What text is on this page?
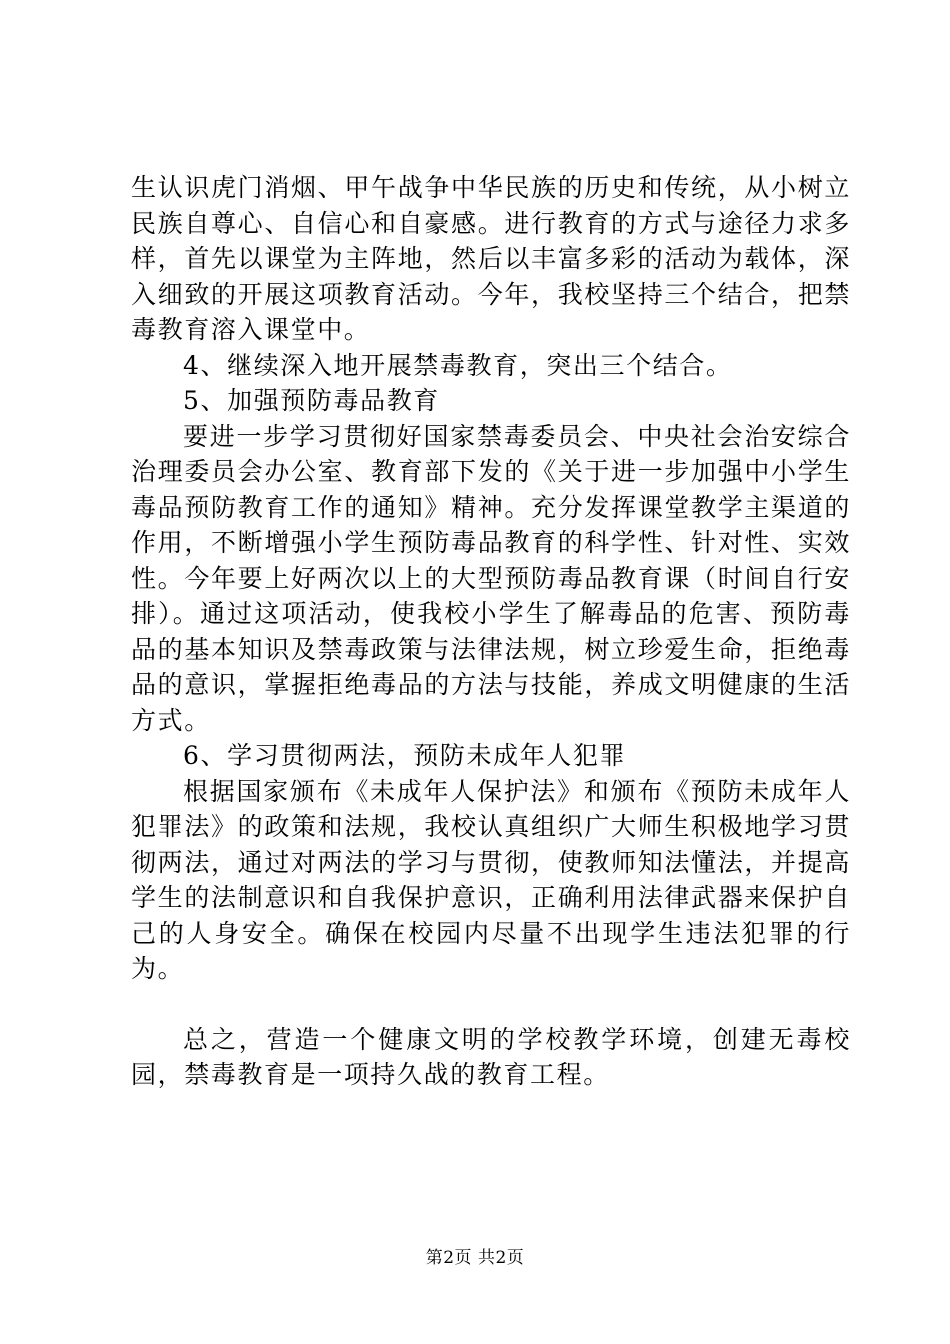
生认识虎门消烟、甲午战争中华民族的历史和传统，从小树立民族自尊心、自信心和自豪感。进行教育的方式与途径力求多样，首先以课堂为主阵地，然后以丰富多彩的活动为载体，深入细致的开展这项教育活动。今年，我校坚持三个结合，把禁毒教育溶入课堂中。

4、继续深入地开展禁毒教育，突出三个结合。

5、加强预防毒品教育

要进一步学习贯彻好国家禁毒委员会、中央社会治安综合治理委员会办公室、教育部下发的《关于进一步加强中小学生毒品预防教育工作的通知》精神。充分发挥课堂教学主渠道的作用，不断增强小学生预防毒品教育的科学性、针对性、实效性。今年要上好两次以上的大型预防毒品教育课（时间自行安排）。通过这项活动，使我校小学生了解毒品的危害、预防毒品的基本知识及禁毒政策与法律法规，树立珍爱生命，拒绝毒品的意识，掌握拒绝毒品的方法与技能，养成文明健康的生活方式。

6、学习贯彻两法，预防未成年人犯罪

根据国家颁布《未成年人保护法》和颁布《预防未成年人犯罪法》的政策和法规，我校认真组织广大师生积极地学习贯彻两法，通过对两法的学习与贯彻，使教师知法懂法，并提高学生的法制意识和自我保护意识，正确利用法律武器来保护自己的人身安全。确保在校园内尽量不出现学生违法犯罪的行为。

总之，营造一个健康文明的学校教学环境，创建无毒校园，禁毒教育是一项持久战的教育工程。

第2页 共2页
